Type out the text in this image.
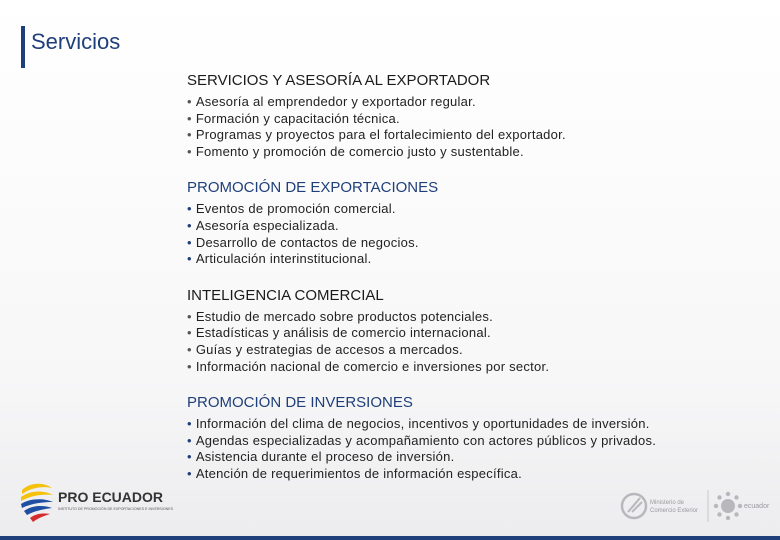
Servicios
SERVICIOS Y ASESORÍA AL EXPORTADOR
• Asesoría al emprendedor y exportador regular.
• Formación y capacitación técnica.
• Programas y proyectos para el fortalecimiento del exportador.
• Fomento y promoción de comercio justo y sustentable.
PROMOCIÓN DE EXPORTACIONES
• Eventos de promoción comercial.
• Asesoría especializada.
• Desarrollo de contactos de negocios.
• Articulación interinstitucional.
INTELIGENCIA COMERCIAL
• Estudio de mercado sobre productos potenciales.
• Estadísticas y análisis de comercio internacional.
• Guías y estrategias de accesos a mercados.
• Información nacional de comercio e inversiones por sector.
PROMOCIÓN DE INVERSIONES
• Información del clima de negocios, incentivos y oportunidades de inversión.
• Agendas especializadas y acompañamiento con actores públicos y privados.
• Asistencia durante el proceso de inversión.
• Atención de requerimientos de información específica.
PRO ECUADOR
INSTITUTO DE PROMOCIÓN DE EXPORTACIONES E INVERSIONES
Ministerio de
Comercio Exterior
ecuador
